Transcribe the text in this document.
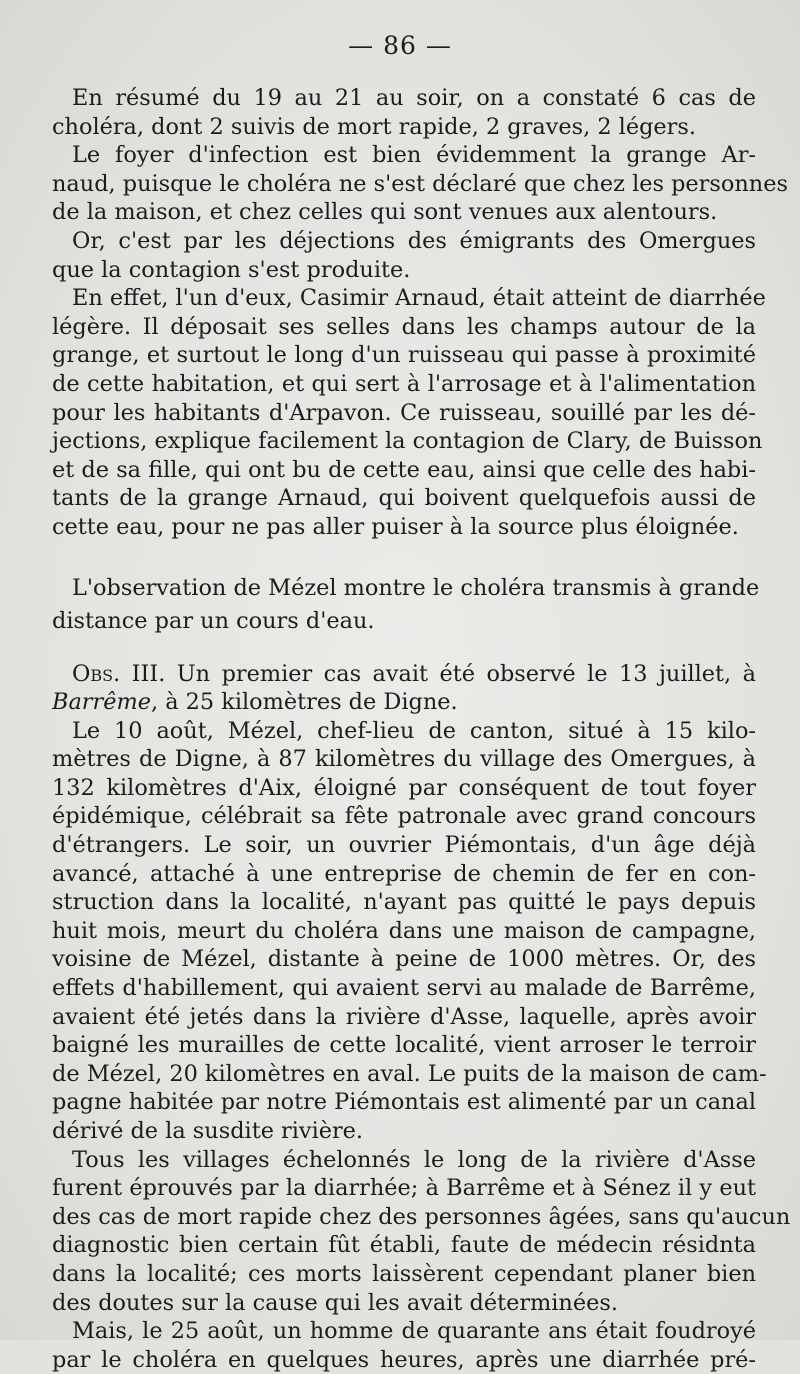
— 86 —
En résumé du 19 au 21 au soir, on a constaté 6 cas de
choléra, dont 2 suivis de mort rapide, 2 graves, 2 légers.
Le foyer d'infection est bien évidemment la grange Ar-
naud, puisque le choléra ne s'est déclaré que chez les personnes
de la maison, et chez celles qui sont venues aux alentours.
Or, c'est par les déjections des émigrants des Omergues
que la contagion s'est produite.
En effet, l'un d'eux, Casimir Arnaud, était atteint de diarrhée
légère. Il déposait ses selles dans les champs autour de la
grange, et surtout le long d'un ruisseau qui passe à proximité
de cette habitation, et qui sert à l'arrosage et à l'alimentation
pour les habitants d'Arpavon. Ce ruisseau, souillé par les dé-
jections, explique facilement la contagion de Clary, de Buisson
et de sa fille, qui ont bu de cette eau, ainsi que celle des habi-
tants de la grange Arnaud, qui boivent quelquefois aussi de
cette eau, pour ne pas aller puiser à la source plus éloignée.
L'observation de Mézel montre le choléra transmis à grande
distance par un cours d'eau.
Obs. III. Un premier cas avait été observé le 13 juillet, à
Barrême, à 25 kilomètres de Digne.
Le 10 août, Mézel, chef-lieu de canton, situé à 15 kilo-
mètres de Digne, à 87 kilomètres du village des Omergues, à
132 kilomètres d'Aix, éloigné par conséquent de tout foyer
épidémique, célébrait sa fête patronale avec grand concours
d'étrangers. Le soir, un ouvrier Piémontais, d'un âge déjà
avancé, attaché à une entreprise de chemin de fer en con-
struction dans la localité, n'ayant pas quitté le pays depuis
huit mois, meurt du choléra dans une maison de campagne,
voisine de Mézel, distante à peine de 1000 mètres. Or, des
effets d'habillement, qui avaient servi au malade de Barrême,
avaient été jetés dans la rivière d'Asse, laquelle, après avoir
baigné les murailles de cette localité, vient arroser le terroir
de Mézel, 20 kilomètres en aval. Le puits de la maison de cam-
pagne habitée par notre Piémontais est alimenté par un canal
dérivé de la susdite rivière.
Tous les villages échelonnés le long de la rivière d'Asse
furent éprouvés par la diarrhée; à Barrême et à Sénez il y eut
des cas de mort rapide chez des personnes âgées, sans qu'aucun
diagnostic bien certain fût établi, faute de médecin résidnta
dans la localité; ces morts laissèrent cependant planer bien
des doutes sur la cause qui les avait déterminées.
Mais, le 25 août, un homme de quarante ans était foudroyé
par le choléra en quelques heures, après une diarrhée pré-
